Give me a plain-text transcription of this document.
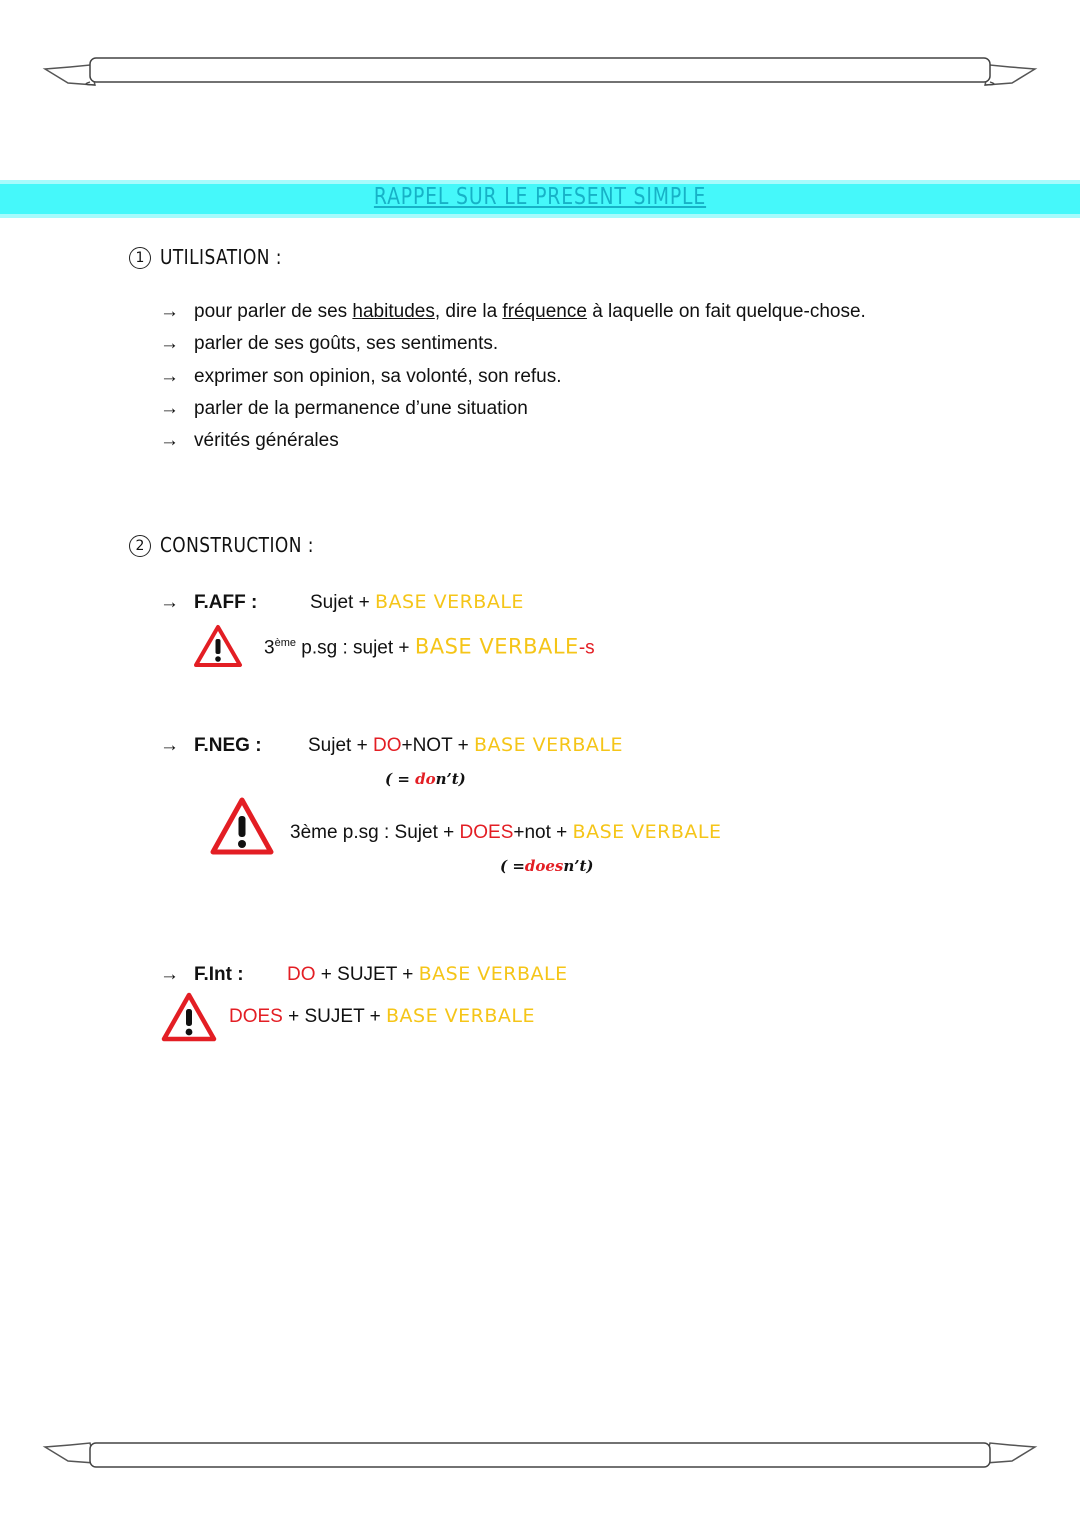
RAPPEL SUR LE PRESENT SIMPLE
1 UTILISATION :
→ pour parler de ses habitudes, dire la fréquence à laquelle on fait quelque-chose.
→ parler de ses goûts, ses sentiments.
→ exprimer son opinion, sa volonté, son refus.
→ parler de la permanence d’une situation
→ vérités générales
2 CONSTRUCTION :
→ F.AFF :	Sujet + BASE VERBALE
3ème p.sg : sujet + BASE VERBALE-s
→ F.NEG : Sujet + DO+NOT + BASE VERBALE
( = don’t)
3ème p.sg : Sujet + DOES+not + BASE VERBALE
( =doesn’t)
→ F.Int : DO + SUJET + BASE VERBALE
DOES + SUJET + BASE VERBALE
